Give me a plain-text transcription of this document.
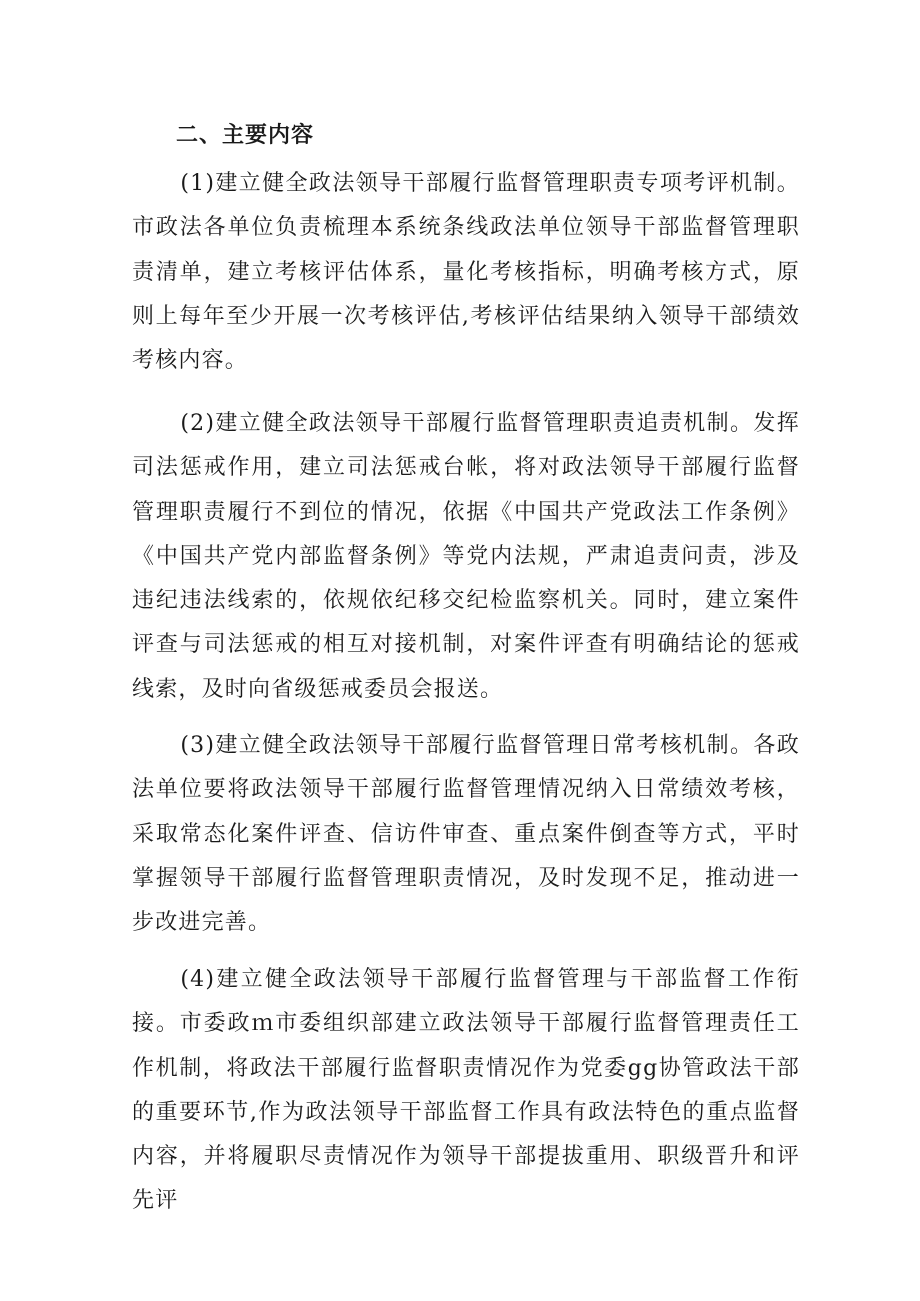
二、主要内容

(1)建立健全政法领导干部履行监督管理职责专项考评机制。市政法各单位负责梳理本系统条线政法单位领导干部监督管理职责清单，建立考核评估体系，量化考核指标，明确考核方式，原则上每年至少开展一次考核评估,考核评估结果纳入领导干部绩效考核内容。

(2)建立健全政法领导干部履行监督管理职责追责机制。发挥司法惩戒作用，建立司法惩戒台帐，将对政法领导干部履行监督管理职责履行不到位的情况，依据《中国共产党政法工作条例》《中国共产党内部监督条例》等党内法规，严肃追责问责，涉及违纪违法线索的，依规依纪移交纪检监察机关。同时，建立案件评查与司法惩戒的相互对接机制，对案件评查有明确结论的惩戒线索，及时向省级惩戒委员会报送。

(3)建立健全政法领导干部履行监督管理日常考核机制。各政法单位要将政法领导干部履行监督管理情况纳入日常绩效考核，采取常态化案件评查、信访件审查、重点案件倒查等方式，平时掌握领导干部履行监督管理职责情况，及时发现不足，推动进一步改进完善。

(4)建立健全政法领导干部履行监督管理与干部监督工作衔接。市委政ｍ市委组织部建立政法领导干部履行监督管理责任工作机制，将政法干部履行监督职责情况作为党委gg协管政法干部的重要环节,作为政法领导干部监督工作具有政法特色的重点监督内容，并将履职尽责情况作为领导干部提拔重用、职级晋升和评先评
